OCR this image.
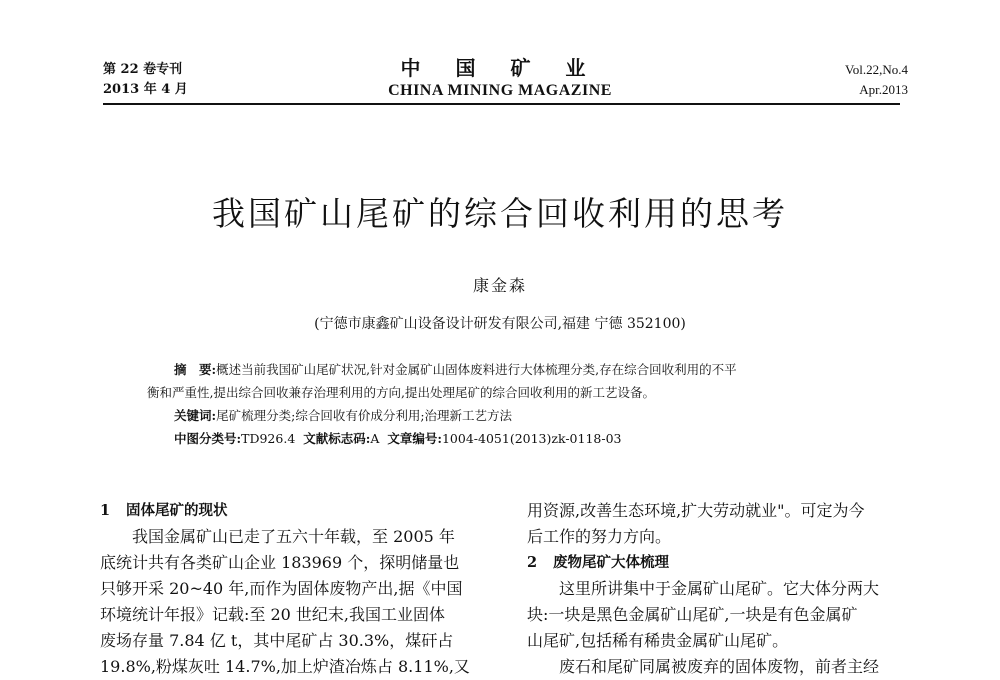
第 22 卷专刊
2013 年 4 月
中 国 矿 业
CHINA MINING MAGAZINE
Vol.22,No.4
Apr.2013
我国矿山尾矿的综合回收利用的思考
康金森
(宁德市康鑫矿山设备设计研发有限公司,福建 宁德 352100)
摘　要:概述当前我国矿山尾矿状况,针对金属矿山固体废料进行大体梳理分类,存在综合回收利用的不平
衡和严重性,提出综合回收兼存治理利用的方向,提出处理尾矿的综合回收利用的新工艺设备。
关键词:尾矿梳理分类;综合回收有价成分利用;治理新工艺方法
中图分类号:TD926.4 文献标志码:A 文章编号:1004-4051(2013)zk-0118-03
1 固体尾矿的现状
我国金属矿山已走了五六十年载，至 2005 年
底统计共有各类矿山企业 183969 个，探明储量也
只够开采 20~40 年,而作为固体废物产出,据《中国
环境统计年报》记载:至 20 世纪末,我国工业固体
废场存量 7.84 亿 t，其中尾矿占 30.3%，煤矸占
19.8%,粉煤灰吐 14.7%,加上炉渣冶炼占 8.11%,又
用资源,改善生态环境,扩大劳动就业"。可定为今
后工作的努力方向。
2 废物尾矿大体梳理
这里所讲集中于金属矿山尾矿。它大体分两大
块:一块是黑色金属矿山尾矿,一块是有色金属矿
山尾矿,包括稀有稀贵金属矿山尾矿。
废石和尾矿同属被废弃的固体废物，前者主经
